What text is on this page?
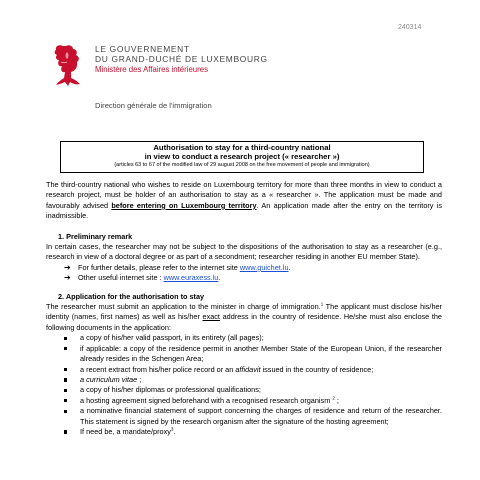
240314
LE GOUVERNEMENT
DU GRAND-DUCHÉ DE LUXEMBOURG
Ministère des Affaires intérieures
Direction générale de l'immigration
Authorisation to stay for a third-country national
in view to conduct a research project (« researcher »)
(articles 63 to 67 of the modified law of 29 august 2008 on the free movement of people and immigration)

The third-country national who wishes to reside on Luxembourg territory for more than three months in view to conduct a research project, must be holder of an authorisation to stay as a « researcher ». The application must be made and favourably advised before entering on Luxembourg territory. An application made after the entry on the territory is inadmissible.

1. Preliminary remark

In certain cases, the researcher may not be subject to the dispositions of the authorisation to stay as a researcher (e.g., research in view of a doctoral degree or as part of a secondment; researcher residing in another EU member State).

➔ For further details, please refer to the internet site www.guichet.lu.
➔ Other useful internet site : www.euraxess.lu.
2. Application for the authorisation to stay

The researcher must submit an application to the minister in charge of immigration.$^1$ The applicant must disclose his/her identity (names, first names) as well as his/her exact address in the country of residence. He/she must also enclose the following documents in the application:

a copy of his/her valid passport, in its entirety (all pages);
if applicable: a copy of the residence permit in another Member State of the European Union, if the researcher already resides in the Schengen Area;
a recent extract from his/her police record or an affidavit issued in the country of residence;
a curriculum vitae ;
a copy of his/her diplomas or professional qualifications;
a hosting agreement signed beforehand with a recognised research organism $^2$ ;
a nominative financial statement of support concerning the charges of residence and return of the researcher. This statement is signed by the research organism after the signature of the hosting agreement;
If need be, a mandate/proxy$^3$.
